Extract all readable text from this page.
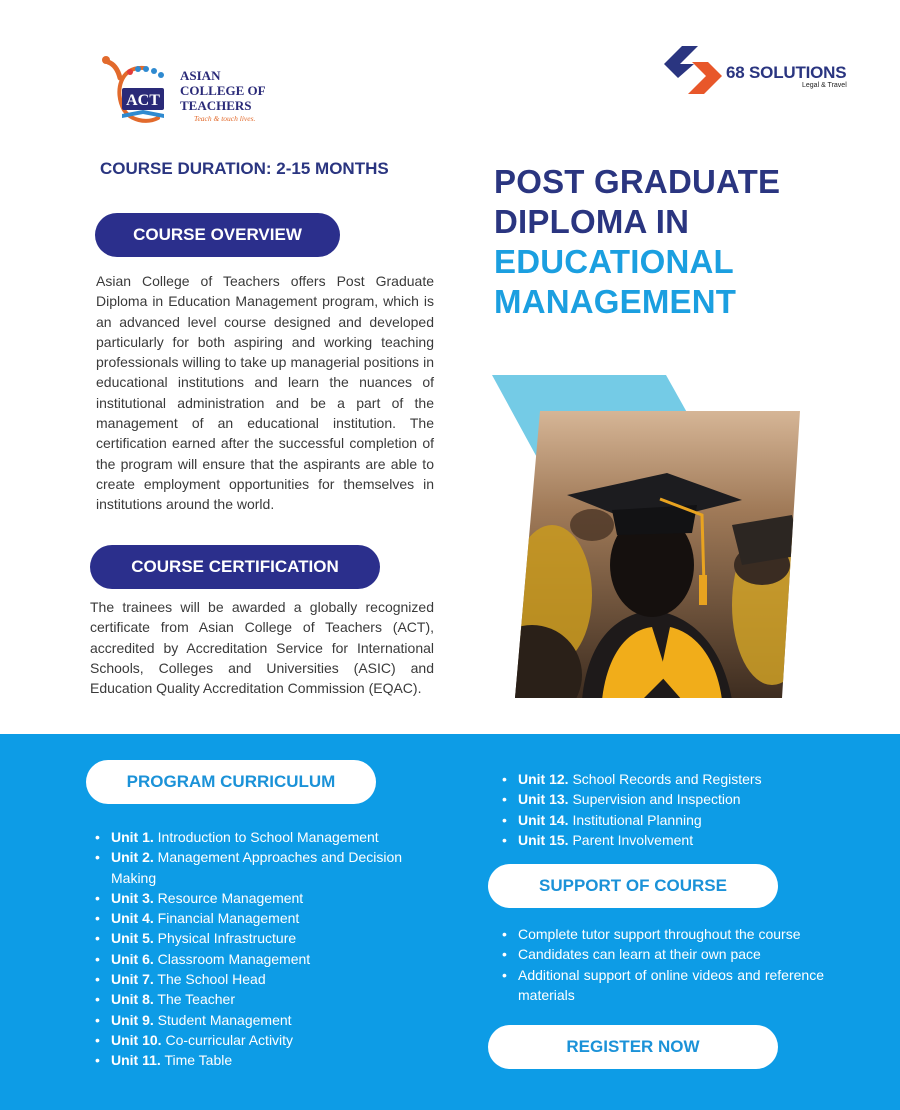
ACT
ASIAN
COLLEGE OF
TEACHERS
Teach & touch lives.
68 SOLUTIONS
Legal & Travel
COURSE DURATION: 2-15 MONTHS
COURSE OVERVIEW

Asian College of Teachers offers Post Graduate Diploma in Education Management program, which is an advanced level course designed and developed particularly for both aspiring and working teaching professionals willing to take up managerial positions in educational institutions and learn the nuances of institutional administration and be a part of the management of an educational institution. The certification earned after the successful completion of the program will ensure that the aspirants are able to create employment opportunities for themselves in institutions around the world.

COURSE CERTIFICATION

The trainees will be awarded a globally recognized certificate from Asian College of Teachers (ACT), accredited by Accreditation Service for International Schools, Colleges and Universities (ASIC) and Education Quality Accreditation Commission (EQAC).

POST GRADUATE
DIPLOMA IN
EDUCATIONAL
MANAGEMENT
PROGRAM CURRICULUM
• Unit 1. Introduction to School Management
• Unit 2. Management Approaches and Decision Making
• Unit 3. Resource Management
• Unit 4. Financial Management
• Unit 5. Physical Infrastructure
• Unit 6. Classroom Management
• Unit 7. The School Head
• Unit 8. The Teacher
• Unit 9. Student Management
• Unit 10. Co-curricular Activity
• Unit 11. Time Table
• Unit 12. School Records and Registers
• Unit 13. Supervision and Inspection
• Unit 14. Institutional Planning
• Unit 15. Parent Involvement
SUPPORT OF COURSE
• Complete tutor support throughout the course
• Candidates can learn at their own pace
• Additional support of online videos and reference materials
REGISTER NOW
